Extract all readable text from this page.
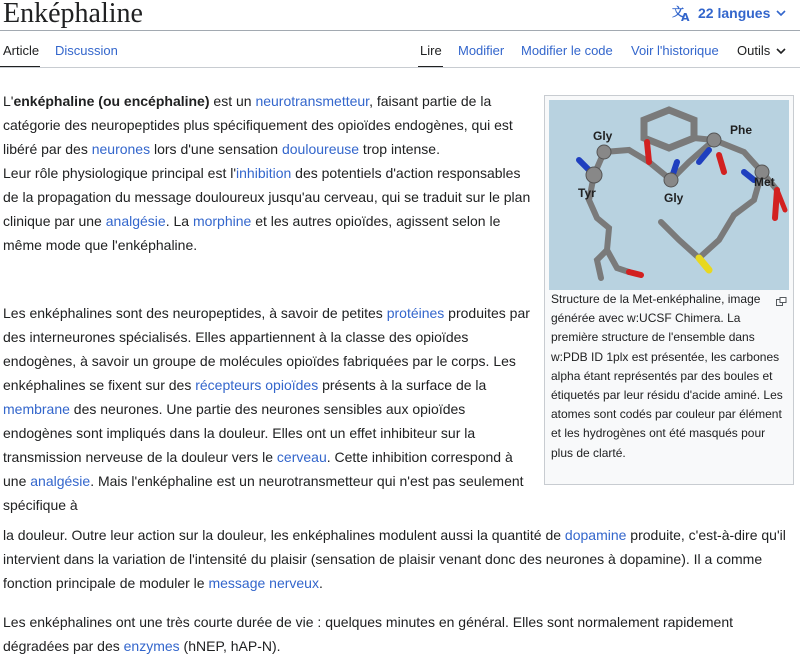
Enképhaline	文
A 22 langues
Article Discussion	Lire Modifier Modifier le code Voir l'historique Outils
Gly
Gly
Phe
Met
Tyr
Structure de la Met-enképhaline, image générée avec w:UCSF Chimera. La première structure de l'ensemble dans w:PDB ID 1plx est présentée, les carbones alpha étant représentés par des boules et étiquetés par leur résidu d'acide aminé. Les atomes sont codés par couleur par élément et les hydrogènes ont été masqués pour plus de clarté.

L'enképhaline (ou encéphaline) est un neurotransmetteur, faisant partie de la catégorie des neuropeptides plus spécifiquement des opioïdes endogènes, qui est libéré par des neurones lors d'une sensation douloureuse trop intense.

Leur rôle physiologique principal est l'inhibition des potentiels d'action responsables de la propagation du message douloureux jusqu'au cerveau, qui se traduit sur le plan clinique par une analgésie. La morphine et les autres opioïdes, agissent selon le même mode que l'enképhaline.

Les enképhalines sont des neuropeptides, à savoir de petites protéines produites par des interneurones spécialisés. Elles appartiennent à la classe des opioïdes endogènes, à savoir un groupe de molécules opioïdes fabriquées par le corps. Les enképhalines se fixent sur des récepteurs opioïdes présents à la surface de la membrane des neurones. Une partie des neurones sensibles aux opioïdes endogènes sont impliqués dans la douleur. Elles ont un effet inhibiteur sur la transmission nerveuse de la douleur vers le cerveau. Cette inhibition correspond à une analgésie. Mais l'enképhaline est un neurotransmetteur qui n'est pas seulement spécifique à

la douleur. Outre leur action sur la douleur, les enképhalines modulent aussi la quantité de dopamine produite, c'est-à-dire qu'il intervient dans la variation de l'intensité du plaisir (sensation de plaisir venant donc des neurones à dopamine). Il a comme fonction principale de moduler le message nerveux.

Les enképhalines ont une très courte durée de vie : quelques minutes en général. Elles sont normalement rapidement dégradées par des enzymes (hNEP, hAP-N).
